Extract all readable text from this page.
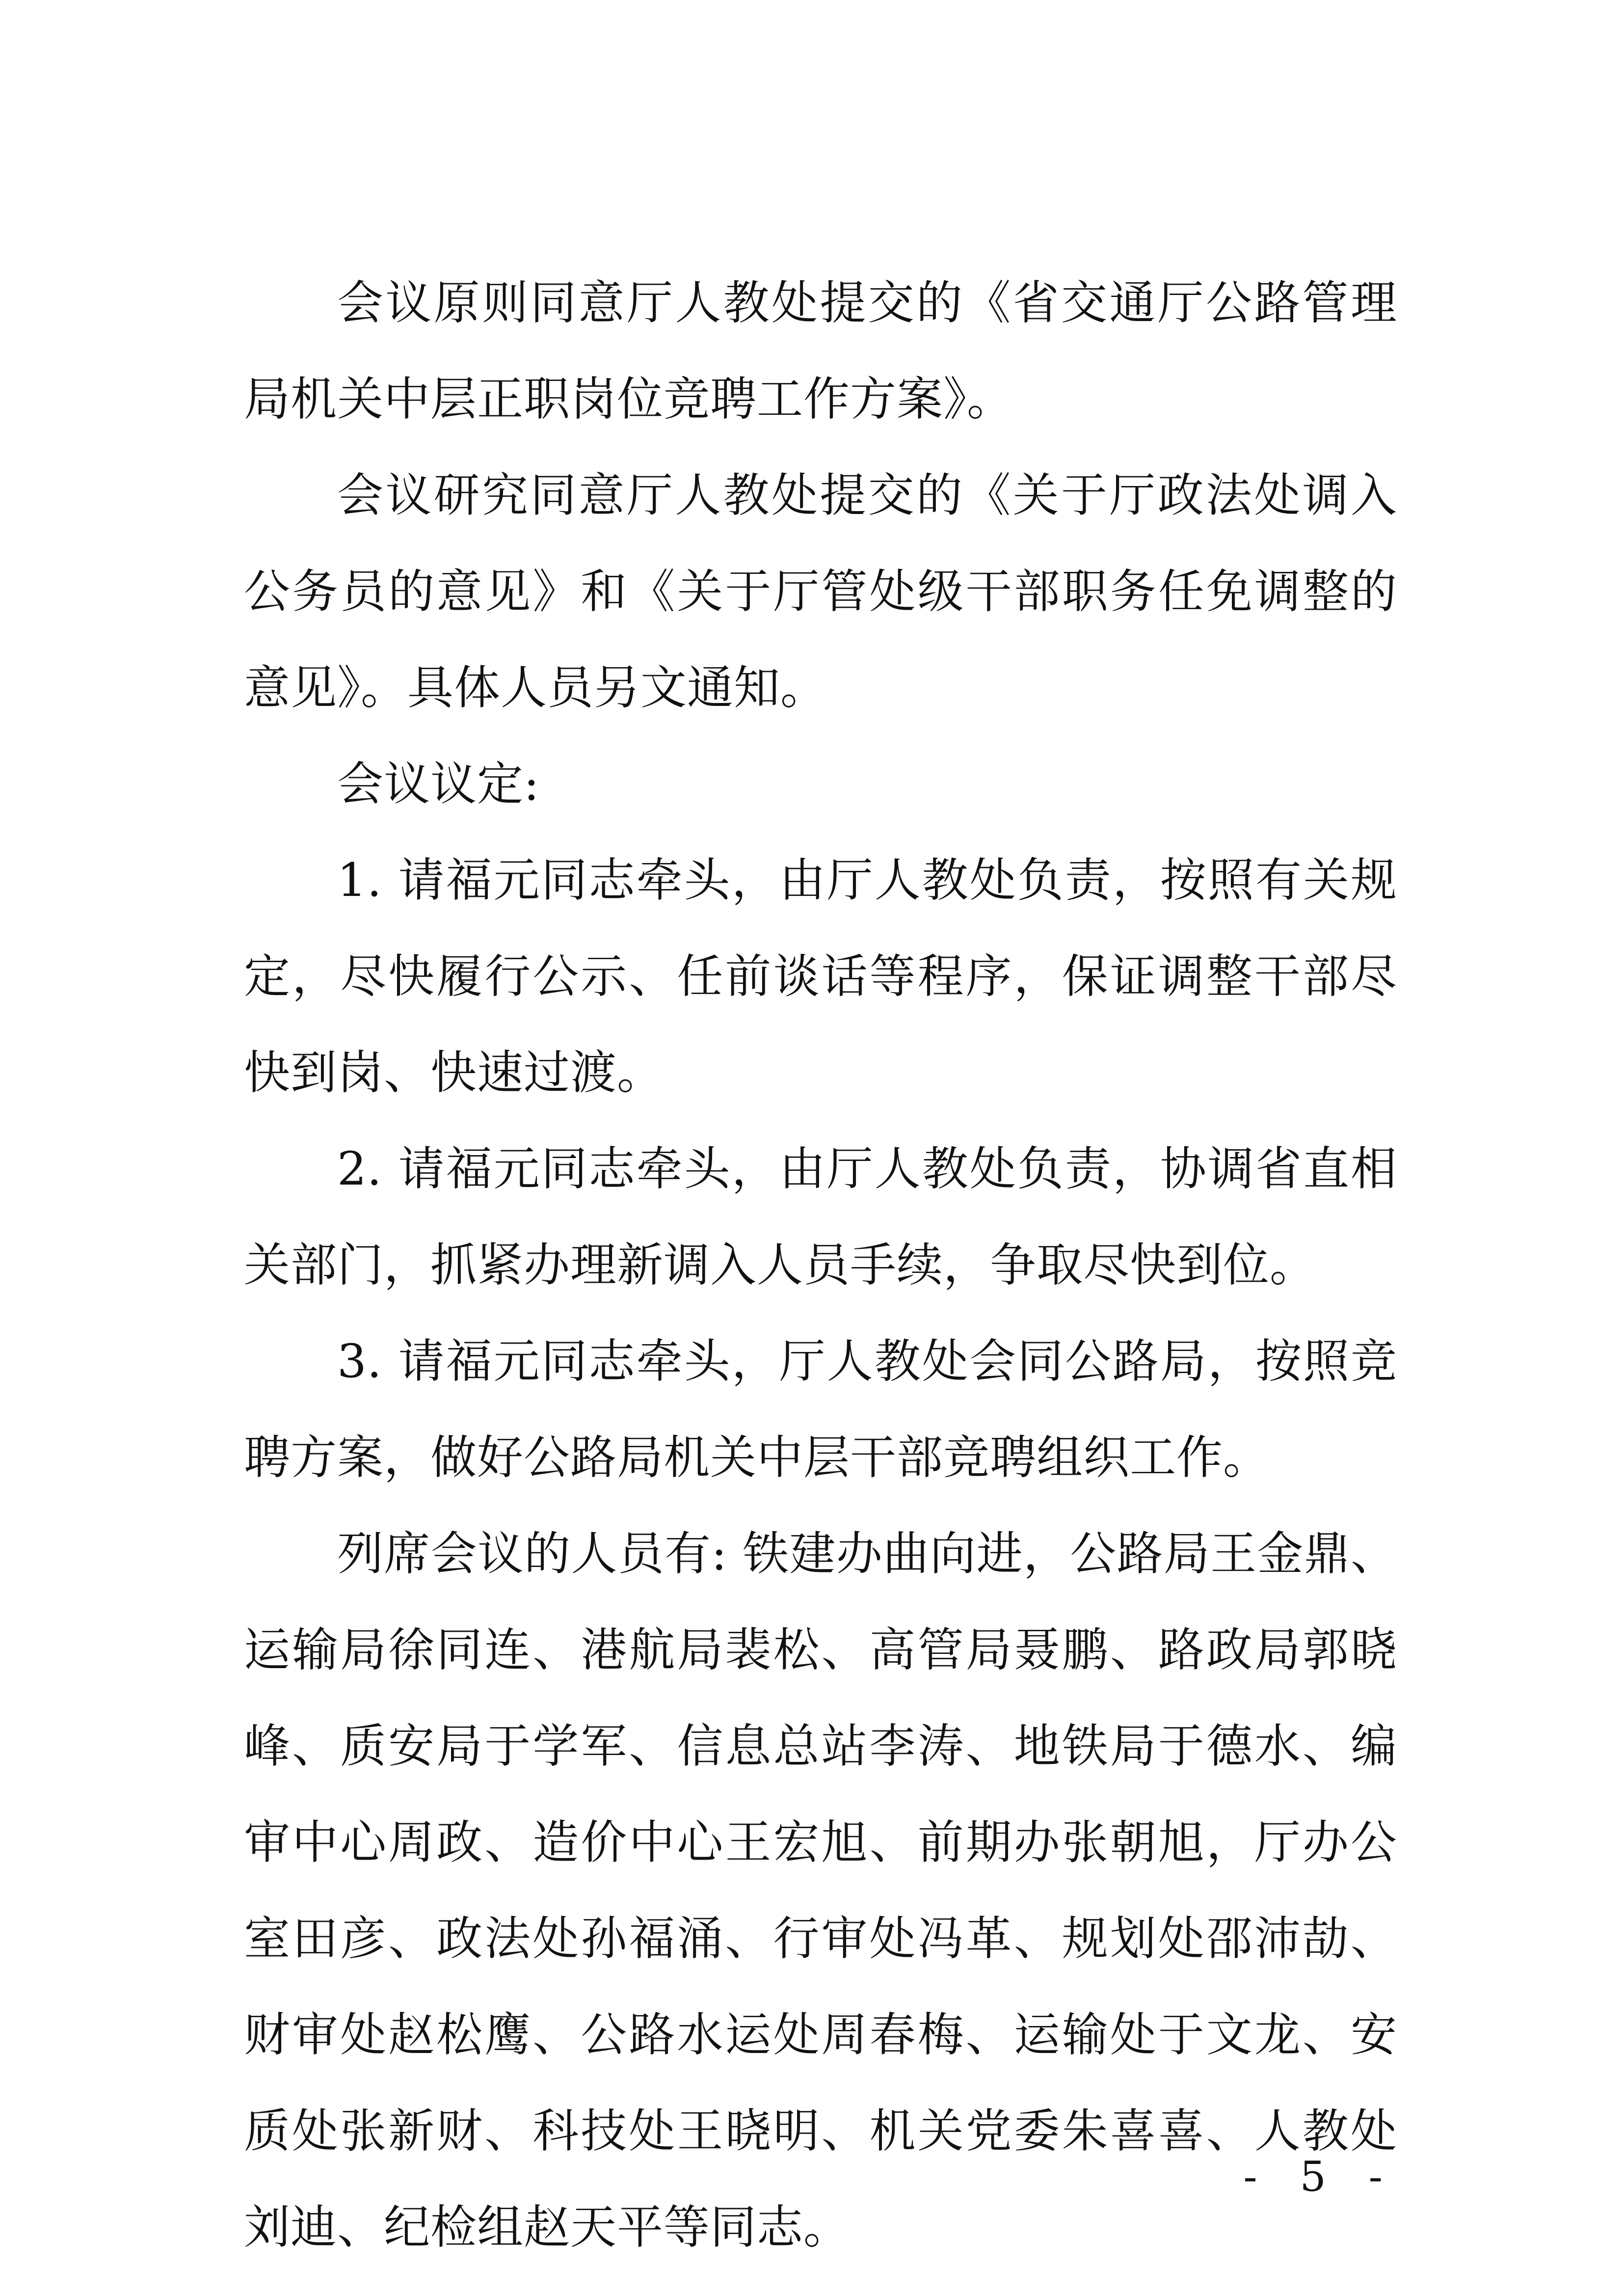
会议原则同意厅人教处提交的《省交通厅公路管理局机关中层正职岗位竞聘工作方案》。

会议研究同意厅人教处提交的《关于厅政法处调入公务员的意见》和《关于厅管处级干部职务任免调整的意见》。具体人员另文通知。

会议议定:

1. 请福元同志牵头，由厅人教处负责，按照有关规定，尽快履行公示、任前谈话等程序，保证调整干部尽快到岗、快速过渡。

2. 请福元同志牵头，由厅人教处负责，协调省直相关部门，抓紧办理新调入人员手续，争取尽快到位。

3. 请福元同志牵头，厅人教处会同公路局，按照竞聘方案，做好公路局机关中层干部竞聘组织工作。

列席会议的人员有: 铁建办曲向进，公路局王金鼎、运输局徐同连、港航局裴松、高管局聂鹏、路政局郭晓峰、质安局于学军、信息总站李涛、地铁局于德水、编审中心周政、造价中心王宏旭、前期办张朝旭，厅办公室田彦、政法处孙福涌、行审处冯革、规划处邵沛劼、财审处赵松鹰、公路水运处周春梅、运输处于文龙、安质处张新财、科技处王晓明、机关党委朱喜喜、人教处刘迪、纪检组赵天平等同志。

- 5 -
